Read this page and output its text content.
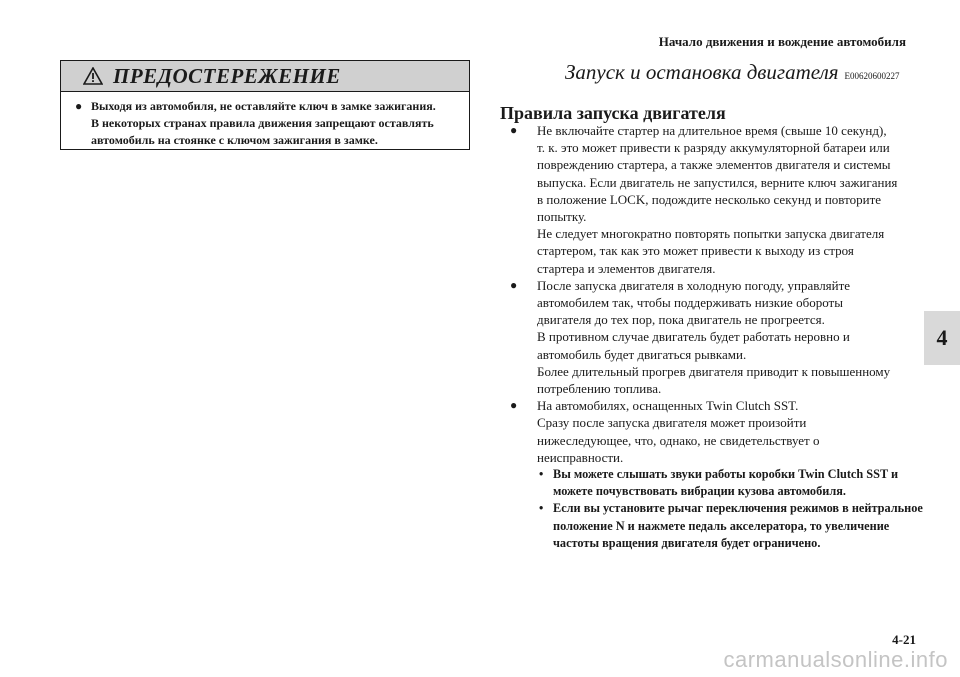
Начало движения и вождение автомобиля
4
ПРЕДОСТЕРЕЖЕНИЕ
● Выходя из автомобиля, не оставляйте ключ в замке зажигания.
В некоторых странах правила движения запрещают оставлять
автомобиль на стоянке с ключом зажигания в замке.
Запуск и остановка двигателя E00620600227
Правила запуска двигателя
● Не включайте стартер на длительное время (свыше 10 секунд),
т. к. это может привести к разряду аккумуляторной батареи или
повреждению стартера, а также элементов двигателя и системы
выпуска. Если двигатель не запустился, верните ключ зажигания
в положение LOCK, подождите несколько секунд и повторите
попытку.
Не следует многократно повторять попытки запуска двигателя
стартером, так как это может привести к выходу из строя
стартера и элементов двигателя.
● После запуска двигателя в холодную погоду, управляйте
автомобилем так, чтобы поддерживать низкие обороты
двигателя до тех пор, пока двигатель не прогреется.
В противном случае двигатель будет работать неровно и
автомобиль будет двигаться рывками.
Более длительный прогрев двигателя приводит к повышенному
потреблению топлива.
● На автомобилях, оснащенных Twin Clutch SST.
Сразу после запуска двигателя может произойти
нижеследующее, что, однако, не свидетельствует о
неисправности.
• Вы можете слышать звуки работы коробки Twin Clutch SST и
можете почувствовать вибрации кузова автомобиля.
• Если вы установите рычаг переключения режимов в нейтральное
положение N и нажмете педаль акселератора, то увеличение
частоты вращения двигателя будет ограничено.
4-21
carmanualsonline.info
